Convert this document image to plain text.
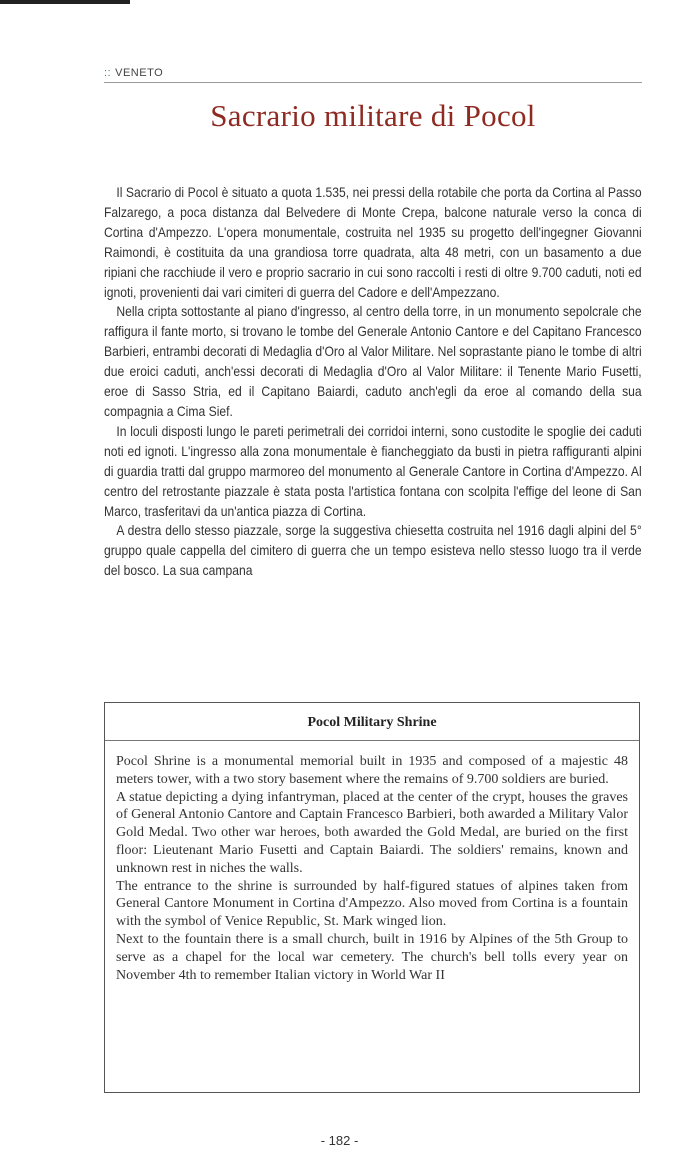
:: VENETO
Sacrario militare di Pocol

Il Sacrario di Pocol è situato a quota 1.535, nei pressi della rotabile che porta da Cortina al Passo Falzarego, a poca distanza dal Belvedere di Monte Crepa, balcone naturale verso la conca di Cortina d'Ampezzo. L'opera monumentale, costruita nel 1935 su progetto dell'ingegner Giovanni Raimondi, è costituita da una grandiosa torre quadrata, alta 48 metri, con un basamento a due ripiani che racchiude il vero e proprio sacrario in cui sono raccolti i resti di oltre 9.700 caduti, noti ed ignoti, provenienti dai vari cimiteri di guerra del Cadore e dell'Ampezzano.

Nella cripta sottostante al piano d'ingresso, al centro della torre, in un monumento sepolcrale che raffigura il fante morto, si trovano le tombe del Generale Antonio Cantore e del Capitano Francesco Barbieri, entrambi decorati di Medaglia d'Oro al Valor Militare. Nel soprastante piano le tombe di altri due eroici caduti, anch'essi decorati di Medaglia d'Oro al Valor Militare: il Tenente Mario Fusetti, eroe di Sasso Stria, ed il Capitano Baiardi, caduto anch'egli da eroe al comando della sua compagnia a Cima Sief.

In loculi disposti lungo le pareti perimetrali dei corridoi interni, sono custodite le spoglie dei caduti noti ed ignoti. L'ingresso alla zona monumentale è fiancheggiato da busti in pietra raffiguranti alpini di guardia tratti dal gruppo marmoreo del monumento al Generale Cantore in Cortina d'Ampezzo. Al centro del retrostante piazzale è stata posta l'artistica fontana con scolpita l'effige del leone di San Marco, trasferitavi da un'antica piazza di Cortina.

A destra dello stesso piazzale, sorge la suggestiva chiesetta costruita nel 1916 dagli alpini del 5° gruppo quale cappella del cimitero di guerra che un tempo esisteva nello stesso luogo tra il verde del bosco. La sua campana

Pocol Military Shrine

Pocol Shrine is a monumental memorial built in 1935 and composed of a majestic 48 meters tower, with a two story basement where the remains of 9.700 soldiers are buried.

A statue depicting a dying infantryman, placed at the center of the crypt, houses the graves of General Antonio Cantore and Captain Francesco Barbieri, both awarded a Military Valor Gold Medal. Two other war heroes, both awarded the Gold Medal, are buried on the first floor: Lieutenant Mario Fusetti and Captain Baiardi. The soldiers' remains, known and unknown rest in niches the walls.

The entrance to the shrine is surrounded by half-figured statues of alpines taken from General Cantore Monument in Cortina d'Ampezzo. Also moved from Cortina is a fountain with the symbol of Venice Republic, St. Mark winged lion.

Next to the fountain there is a small church, built in 1916 by Alpines of the 5th Group to serve as a chapel for the local war cemetery. The church's bell tolls every year on November 4th to remember Italian victory in World War II

- 182 -
